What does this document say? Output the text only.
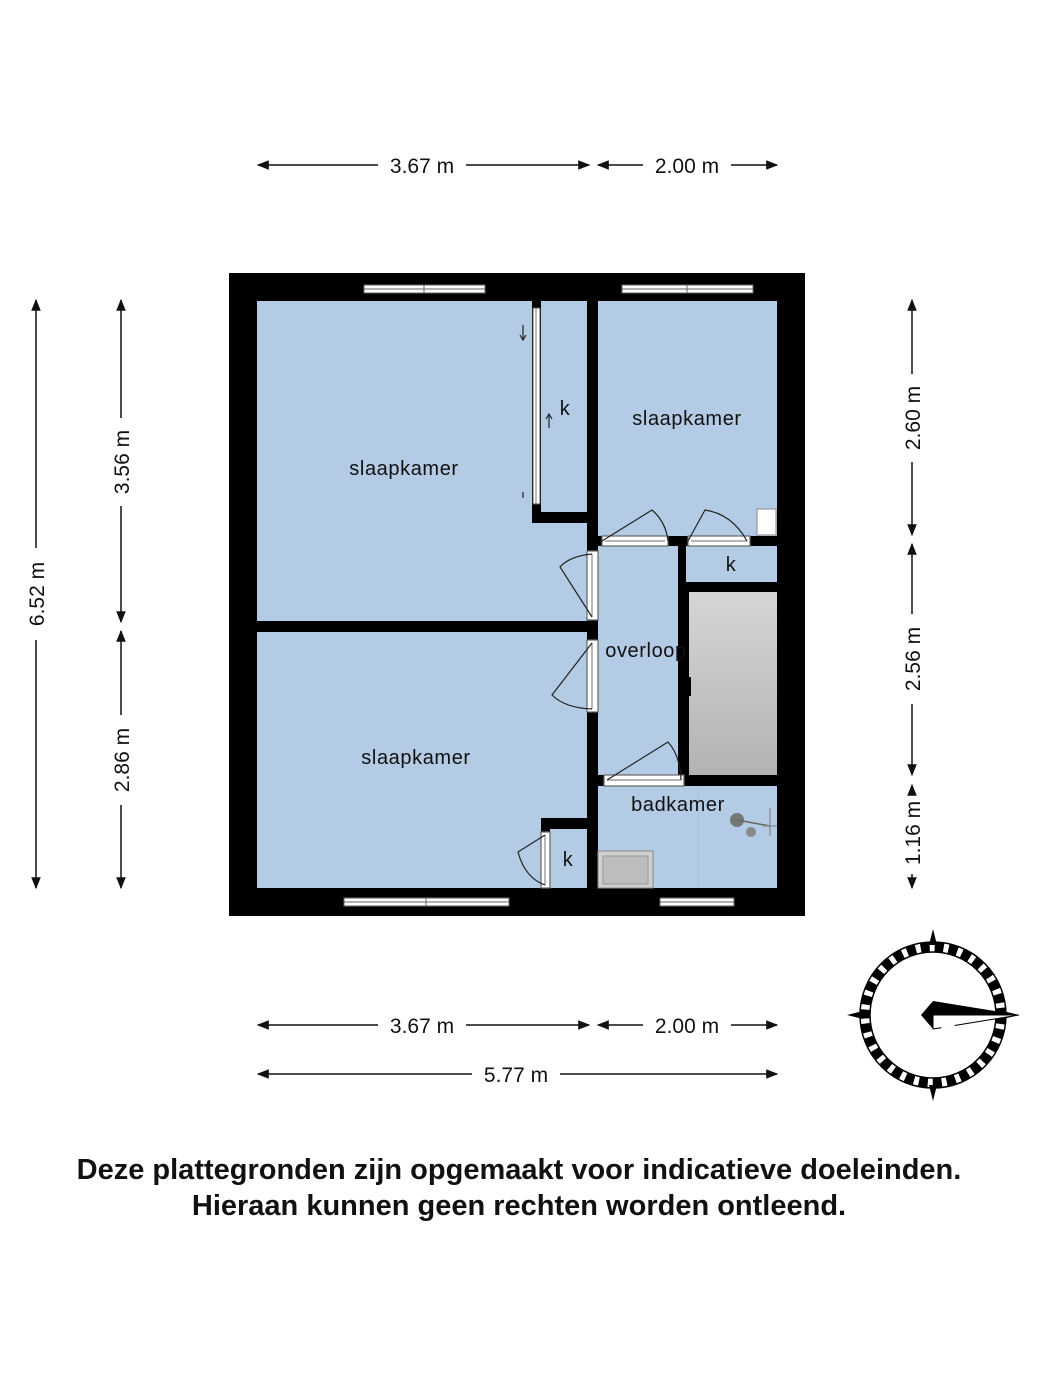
3.67 m	2.00 m
3.67 m	2.00 m
5.77 m
6.52 m
3.56 m
2.86 m
2.60 m
2.56 m
1.16 m
slaapkamer
k	slaapkamer
k
overloop
slaapkamer
badkamer
k
N
Deze plattegronden zijn opgemaakt voor indicatieve doeleinden.
Hieraan kunnen geen rechten worden ontleend.
